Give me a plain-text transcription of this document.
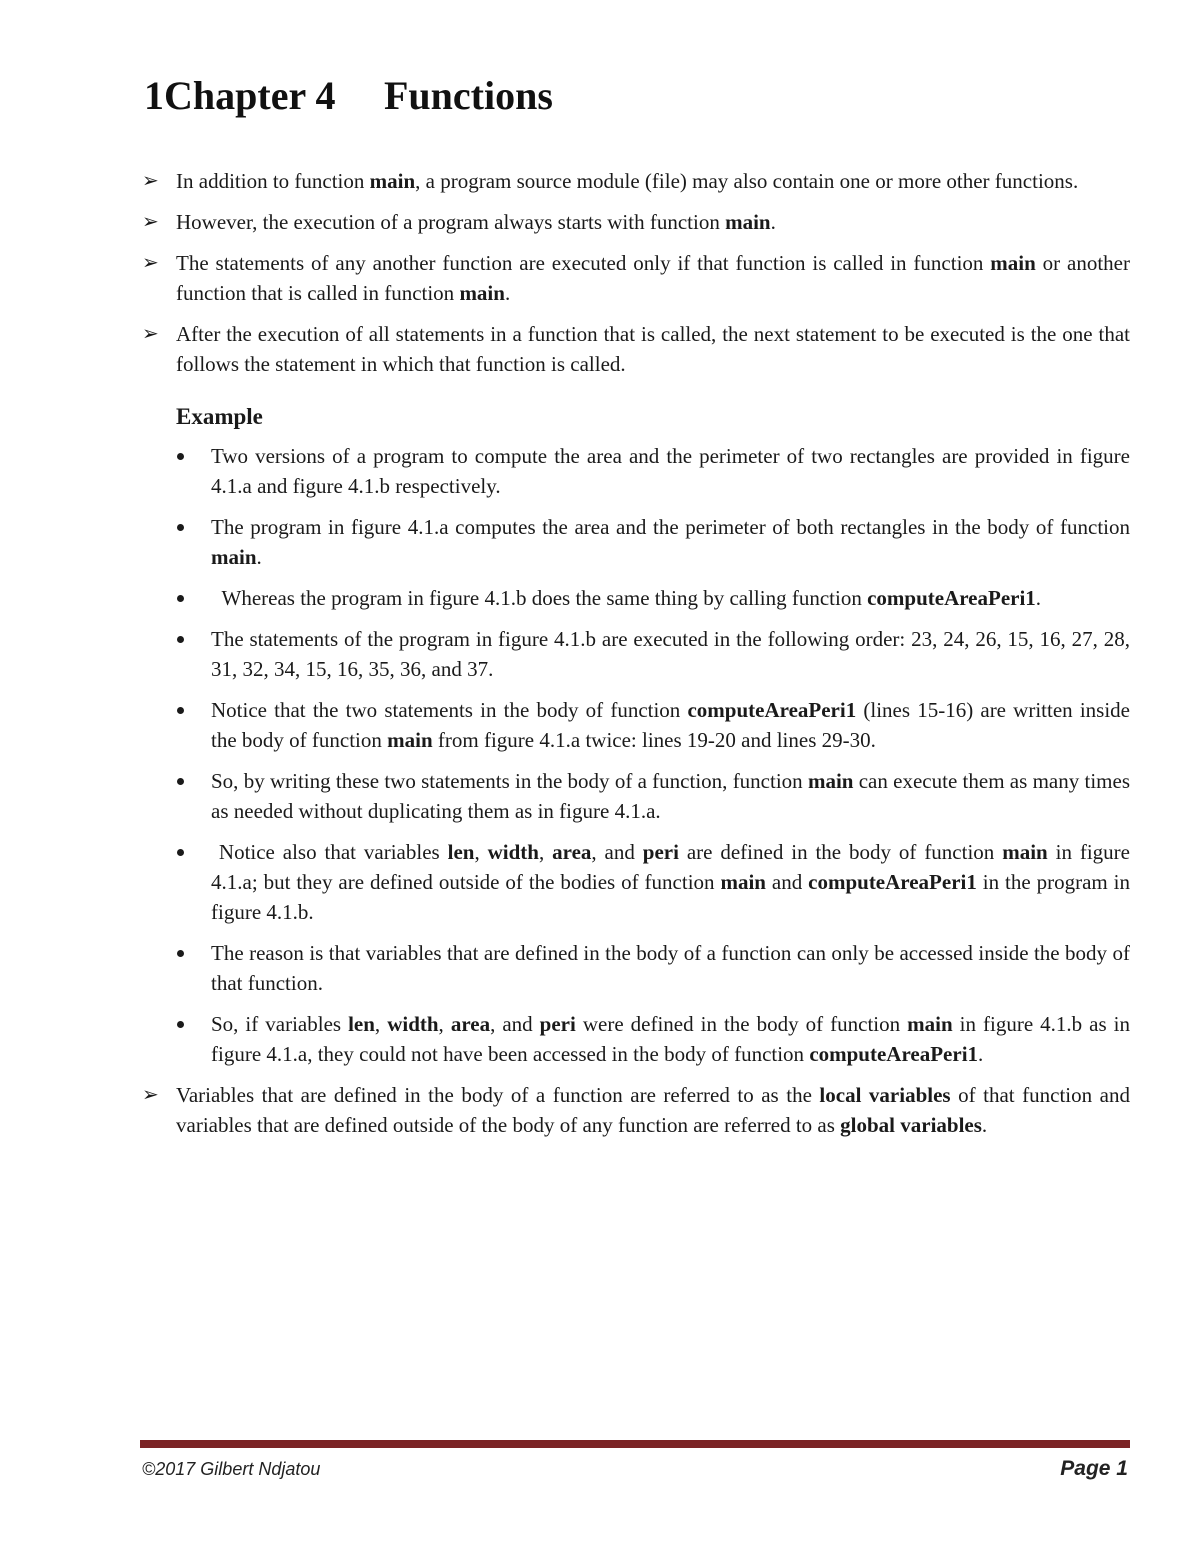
1Chapter 4	Functions
➢ In addition to function main, a program source module (file) may also contain one or more other functions.
➢ However, the execution of a program always starts with function main.
➢ The statements of any another function are executed only if that function is called in function main or another function that is called in function main.
➢ After the execution of all statements in a function that is called, the next statement to be executed is the one that follows the statement in which that function is called.
Example
Two versions of a program to compute the area and the perimeter of two rectangles are provided in figure 4.1.a and figure 4.1.b respectively.
The program in figure 4.1.a computes the area and the perimeter of both rectangles in the body of function main.
Whereas the program in figure 4.1.b does the same thing by calling function computeAreaPeri1.
The statements of the program in figure 4.1.b are executed in the following order: 23, 24, 26, 15, 16, 27, 28, 31, 32, 34, 15, 16, 35, 36, and 37.
Notice that the two statements in the body of function computeAreaPeri1 (lines 15-16) are written inside the body of function main from figure 4.1.a twice: lines 19-20 and lines 29-30.
So, by writing these two statements in the body of a function, function main can execute them as many times as needed without duplicating them as in figure 4.1.a.
Notice also that variables len, width, area, and peri are defined in the body of function main in figure 4.1.a; but they are defined outside of the bodies of function main and computeAreaPeri1 in the program in figure 4.1.b.
The reason is that variables that are defined in the body of a function can only be accessed inside the body of that function.
So, if variables len, width, area, and peri were defined in the body of function main in figure 4.1.b as in figure 4.1.a, they could not have been accessed in the body of function computeAreaPeri1.
➢ Variables that are defined in the body of a function are referred to as the local variables of that function and variables that are defined outside of the body of any function are referred to as global variables.
©2017 Gilbert Ndjatou	Page 1
